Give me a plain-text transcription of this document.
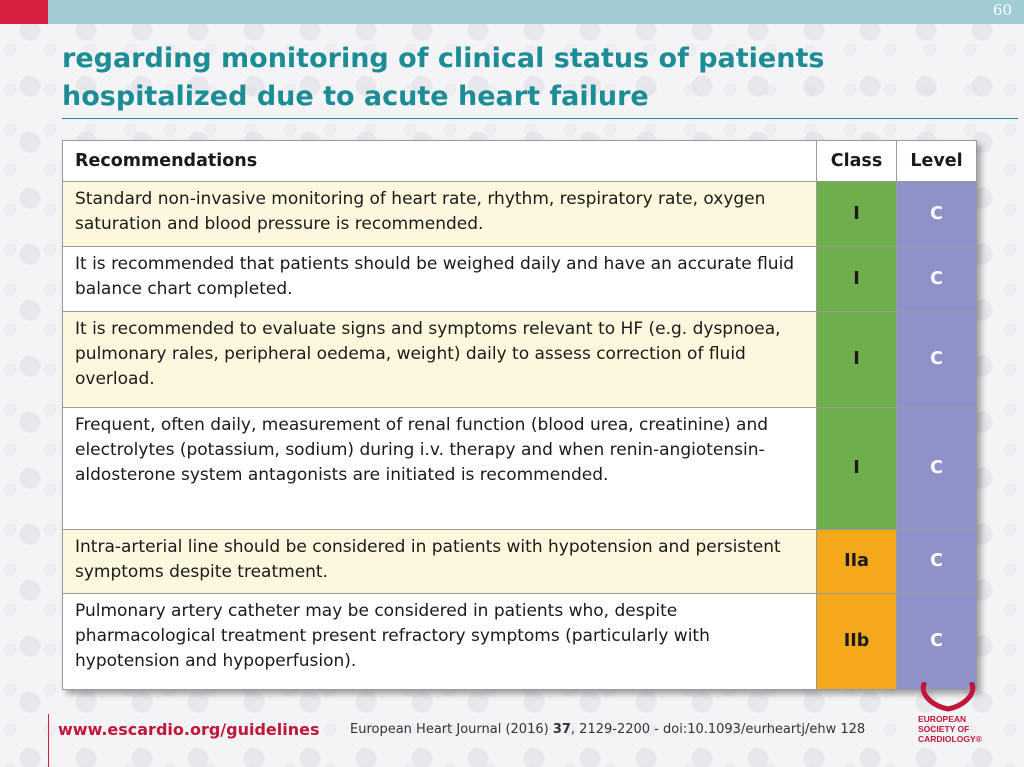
60
regarding monitoring of clinical status of patients
hospitalized due to acute heart failure
Recommendations	Class	Level
Standard non-invasive monitoring of heart rate, rhythm, respiratory rate, oxygen saturation and blood pressure is recommended.	I	C
It is recommended that patients should be weighed daily and have an accurate fluid balance chart completed.	I	C
It is recommended to evaluate signs and symptoms relevant to HF (e.g. dyspnoea, pulmonary rales, peripheral oedema, weight) daily to assess correction of fluid overload.	I	C
Frequent, often daily, measurement of renal function (blood urea, creatinine) and electrolytes (potassium, sodium) during i.v. therapy and when renin-angiotensin-aldosterone system antagonists are initiated is recommended.	I	C
Intra-arterial line should be considered in patients with hypotension and persistent symptoms despite treatment.	IIa	C
Pulmonary artery catheter may be considered in patients who, despite pharmacological treatment present refractory symptoms (particularly with hypotension and hypoperfusion).	IIb	C
www.escardio.org/guidelines European Heart Journal (2016) 37, 2129-2200 - doi:10.1093/eurheartj/ehw 128
EUROPEAN
SOCIETY OF
CARDIOLOGY®
